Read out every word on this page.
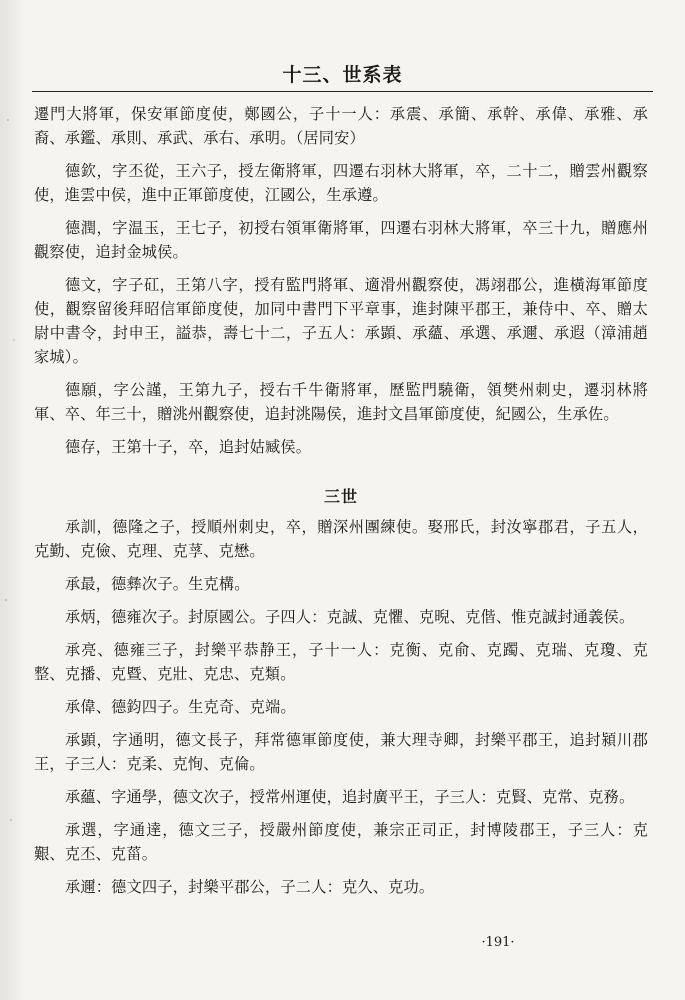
十三、世系表

遷門大將軍，保安軍節度使，鄭國公，子十一人：承震、承簡、承幹、承偉、承雅、承裔、承鑑、承則、承武、承右、承明。（居同安）

德欽，字丕從，王六子，授左衛將軍，四遷右羽林大將軍，卒，二十二，贈雲州觀察使，進雲中侯，進中正軍節度使，江國公，生承遵。

德潤，字温玉，王七子，初授右領軍衛將軍，四遷右羽林大將軍，卒三十九，贈應州觀察使，追封金城侯。

德文，字子矼，王第八字，授有監門將軍、適滑州觀察使，馮翊郡公，進橫海軍節度使，觀察留後拜昭信軍節度使，加同中書門下平章事，進封陳平郡王，兼侍中、卒、贈太尉中書令，封申王，謚恭，壽七十二，子五人：承顕、承蘊、承選、承邇、承遐（漳浦趙家城）。

德願，字公謹，王第九子，授右千牛衛將軍，歷監門驍衛，領樊州刺史，遷羽林將軍、卒、年三十，贈洮州觀察使，追封洮陽侯，進封文昌軍節度使，紀國公，生承佐。

德存，王第十子，卒，追封姑臧侯。

三世

承訓，德隆之子，授順州刺史，卒，贈深州團練使。娶邢氏，封汝寧郡君，子五人，克勤、克儉、克理、克莩、克懋。

承最，德彝次子。生克構。

承炳，德雍次子。封原國公。子四人：克誠、克懼、克晲、克偕、惟克誠封通義侯。

承亮、德雍三子，封樂平恭静王，子十一人：克衡、克俞、克躅、克瑞、克瓊、克整、克播、克暨、克壯、克忠、克類。

承偉、德鈞四子。生克奇、克端。

承顕，字通明，德文長子，拜常德軍節度使，兼大理寺卿，封樂平郡王，追封潁川郡王，子三人：克柔、克恂、克倫。

承蘊、字通學，德文次子，授常州運使，追封廣平王，子三人：克賢、克常、克務。

承選，字通達，德文三子，授嚴州節度使，兼宗正司正，封博陵郡王，子三人：克艱、克丕、克菑。

承邇：德文四子，封樂平郡公，子二人：克久、克功。

·191·
